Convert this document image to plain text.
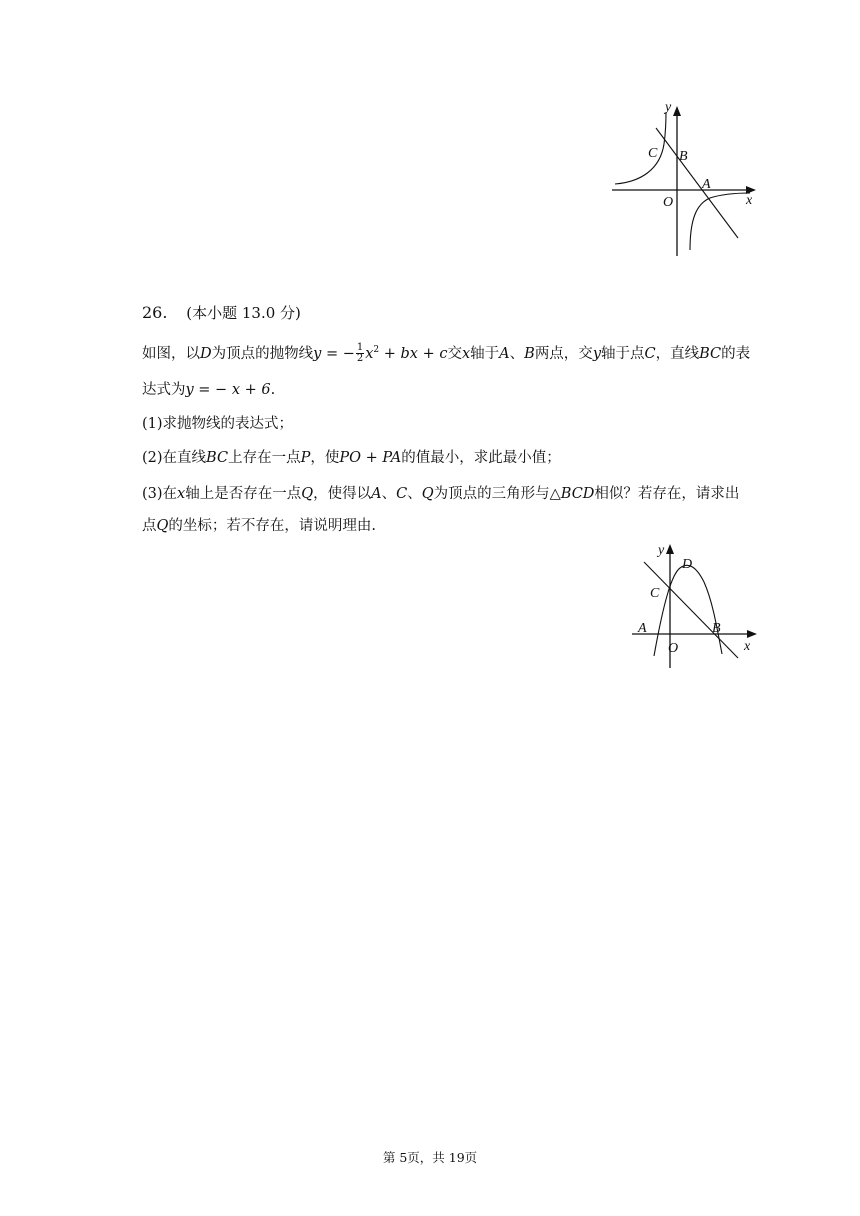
y
x
C B
A
O
26. (本小题 13.0 分)
如图，以D为顶点的抛物线y = − $\frac{1}{2} x^2$ + bx + c交x轴于A、B两点，交y轴于点C，直线BC的表
达式为y = − x + 6.
(1)求抛物线的表达式；
(2)在直线BC上存在一点P，使PO + PA的值最小，求此最小值；
(3)在x轴上是否存在一点Q，使得以A、C、Q为顶点的三角形与△BCD相似？若存在，请求出
点Q的坐标；若不存在，请说明理由.
y
x
D
C
A	B
O
第 5页，共 19页
